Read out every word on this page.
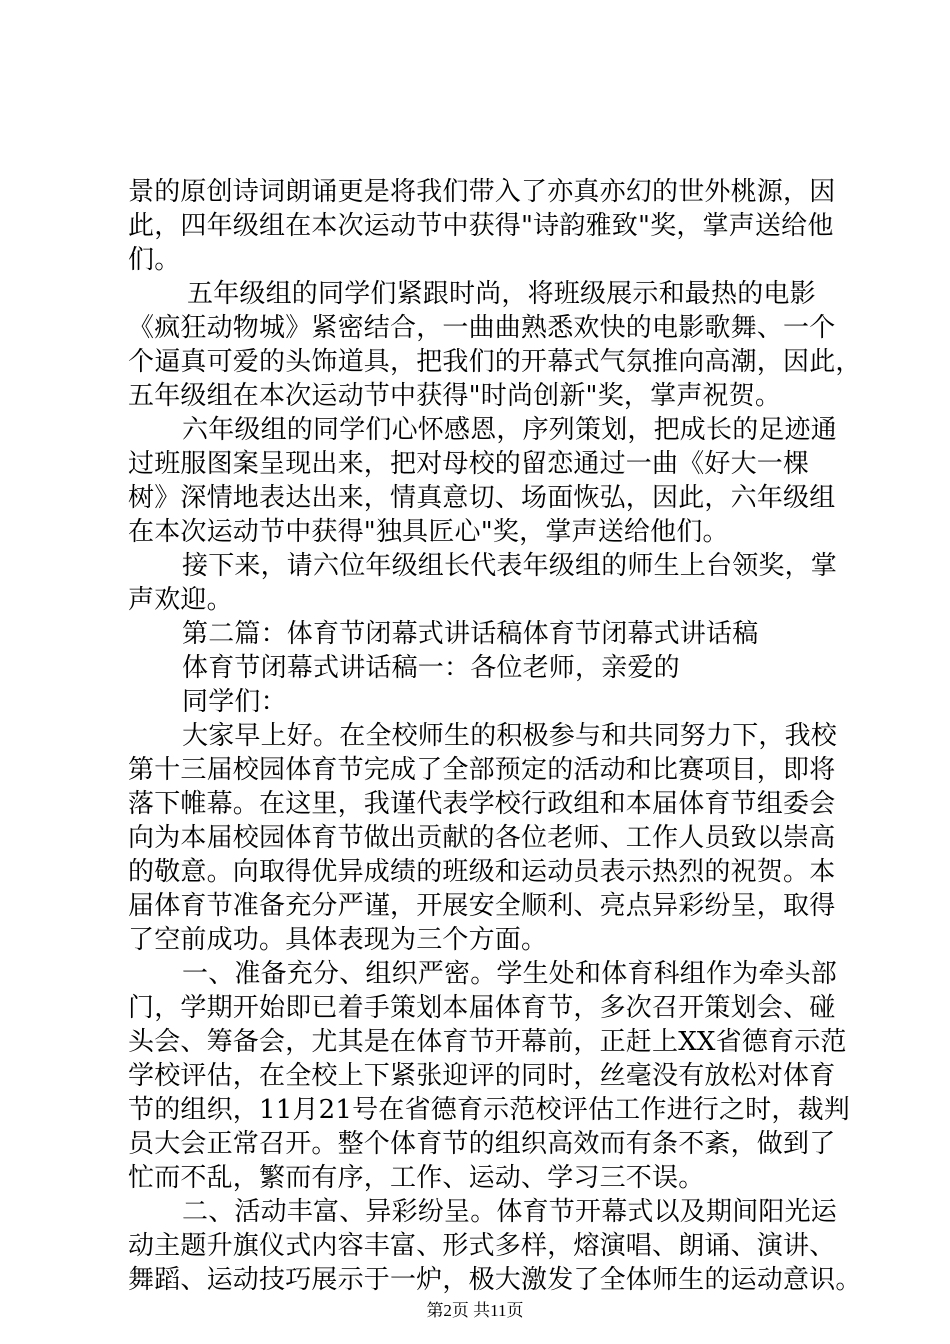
景的原创诗词朗诵更是将我们带入了亦真亦幻的世外桃源，因
此，四年级组在本次运动节中获得"诗韵雅致"奖，掌声送给他
们。
五年级组的同学们紧跟时尚，将班级展示和最热的电影
《疯狂动物城》紧密结合，一曲曲熟悉欢快的电影歌舞、一个
个逼真可爱的头饰道具，把我们的开幕式气氛推向高潮，因此，
五年级组在本次运动节中获得"时尚创新"奖，掌声祝贺。
六年级组的同学们心怀感恩，序列策划，把成长的足迹通
过班服图案呈现出来，把对母校的留恋通过一曲《好大一棵
树》深情地表达出来，情真意切、场面恢弘，因此，六年级组
在本次运动节中获得"独具匠心"奖，掌声送给他们。
接下来，请六位年级组长代表年级组的师生上台领奖，掌
声欢迎。
第二篇：体育节闭幕式讲话稿体育节闭幕式讲话稿
体育节闭幕式讲话稿一：各位老师，亲爱的
同学们：
大家早上好。在全校师生的积极参与和共同努力下，我校
第十三届校园体育节完成了全部预定的活动和比赛项目，即将
落下帷幕。在这里，我谨代表学校行政组和本届体育节组委会
向为本届校园体育节做出贡献的各位老师、工作人员致以崇高
的敬意。向取得优异成绩的班级和运动员表示热烈的祝贺。本
届体育节准备充分严谨，开展安全顺利、亮点异彩纷呈，取得
了空前成功。具体表现为三个方面。
一、准备充分、组织严密。学生处和体育科组作为牵头部
门，学期开始即已着手策划本届体育节，多次召开策划会、碰
头会、筹备会，尤其是在体育节开幕前，正赶上XX省德育示范
学校评估，在全校上下紧张迎评的同时，丝毫没有放松对体育
节的组织，11月21号在省德育示范校评估工作进行之时，裁判
员大会正常召开。整个体育节的组织高效而有条不紊，做到了
忙而不乱，繁而有序，工作、运动、学习三不误。
二、活动丰富、异彩纷呈。体育节开幕式以及期间阳光运
动主题升旗仪式内容丰富、形式多样，熔演唱、朗诵、演讲、
舞蹈、运动技巧展示于一炉，极大激发了全体师生的运动意识。
第2页 共11页
